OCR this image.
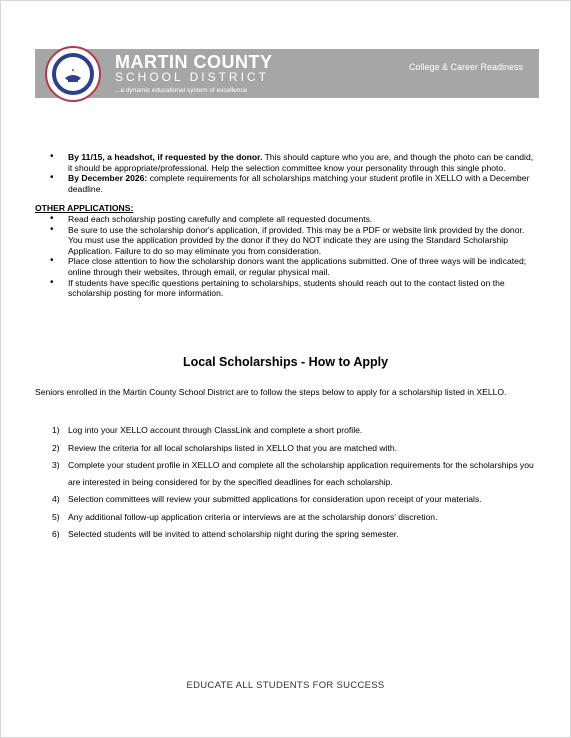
MARTIN COUNTY
SCHOOL DISTRICT
...a dynamic educational system of excellence
College & Career Readiness
• By 11/15, a headshot, if requested by the donor. This should capture who you are, and though the photo can be candid, it should be appropriate/professional. Help the selection committee know your personality through this single photo.
• By December 2026: complete requirements for all scholarships matching your student profile in XELLO with a December deadline.
OTHER APPLICATIONS:
• Read each scholarship posting carefully and complete all requested documents.
• Be sure to use the scholarship donor's application, if provided. This may be a PDF or website link provided by the donor. You must use the application provided by the donor if they do NOT indicate they are using the Standard Scholarship Application. Failure to do so may eliminate you from consideration.
• Place close attention to how the scholarship donors want the applications submitted. One of three ways will be indicated; online through their websites, through email, or regular physical mail.
• If students have specific questions pertaining to scholarships, students should reach out to the contact listed on the scholarship posting for more information.
Local Scholarships - How to Apply
Seniors enrolled in the Martin County School District are to follow the steps below to apply for a scholarship listed in XELLO.
1) Log into your XELLO account through ClassLink and complete a short profile.
2) Review the criteria for all local scholarships listed in XELLO that you are matched with.
3) Complete your student profile in XELLO and complete all the scholarship application requirements for the scholarships you are interested in being considered for by the specified deadlines for each scholarship.
4) Selection committees will review your submitted applications for consideration upon receipt of your materials.
5) Any additional follow-up application criteria or interviews are at the scholarship donors' discretion.
6) Selected students will be invited to attend scholarship night during the spring semester.
EDUCATE ALL STUDENTS FOR SUCCESS
